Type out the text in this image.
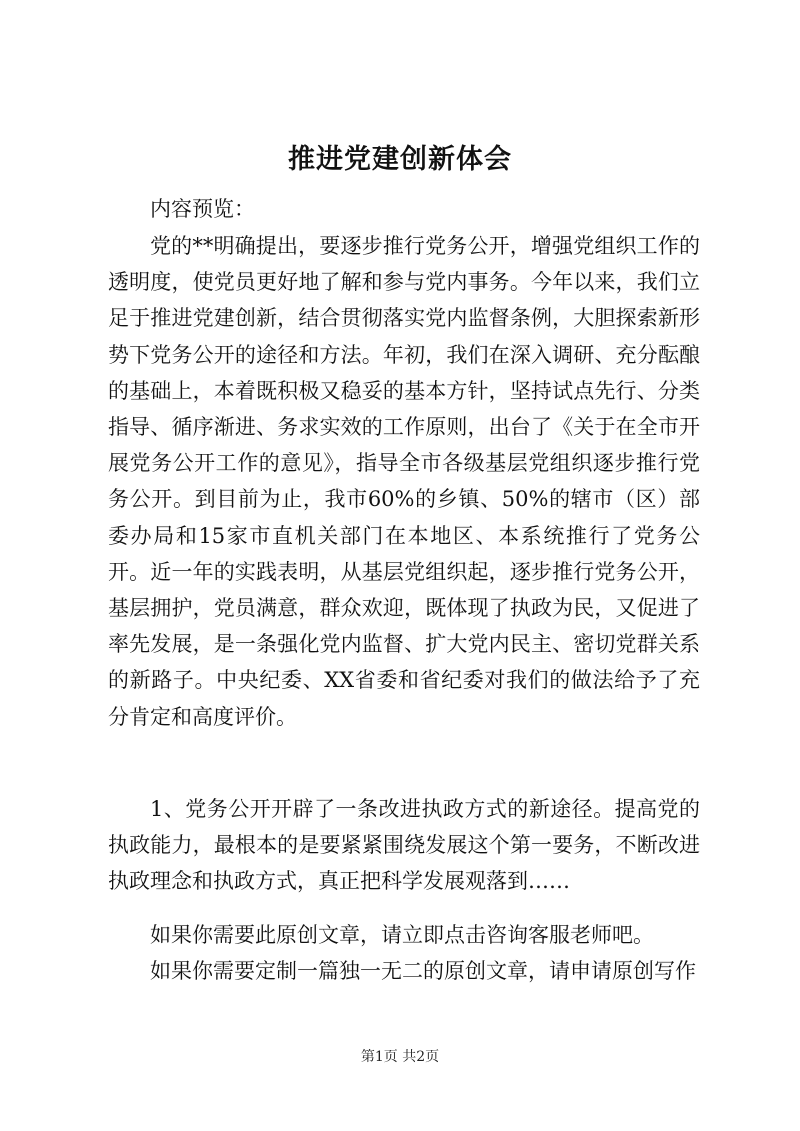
推进党建创新体会

内容预览：

党的**明确提出，要逐步推行党务公开，增强党组织工作的透明度，使党员更好地了解和参与党内事务。今年以来，我们立足于推进党建创新，结合贯彻落实党内监督条例，大胆探索新形势下党务公开的途径和方法。年初，我们在深入调研、充分酝酿的基础上，本着既积极又稳妥的基本方针，坚持试点先行、分类指导、循序渐进、务求实效的工作原则，出台了《关于在全市开展党务公开工作的意见》，指导全市各级基层党组织逐步推行党务公开。到目前为止，我市60%的乡镇、50%的辖市（区）部委办局和15家市直机关部门在本地区、本系统推行了党务公开。近一年的实践表明，从基层党组织起，逐步推行党务公开，基层拥护，党员满意，群众欢迎，既体现了执政为民，又促进了率先发展，是一条强化党内监督、扩大党内民主、密切党群关系的新路子。中央纪委、XX省委和省纪委对我们的做法给予了充分肯定和高度评价。

1、党务公开开辟了一条改进执政方式的新途径。提高党的执政能力，最根本的是要紧紧围绕发展这个第一要务，不断改进执政理念和执政方式，真正把科学发展观落到……

如果你需要此原创文章，请立即点击咨询客服老师吧。

如果你需要定制一篇独一无二的原创文章，请申请原创写作

第1页 共2页
